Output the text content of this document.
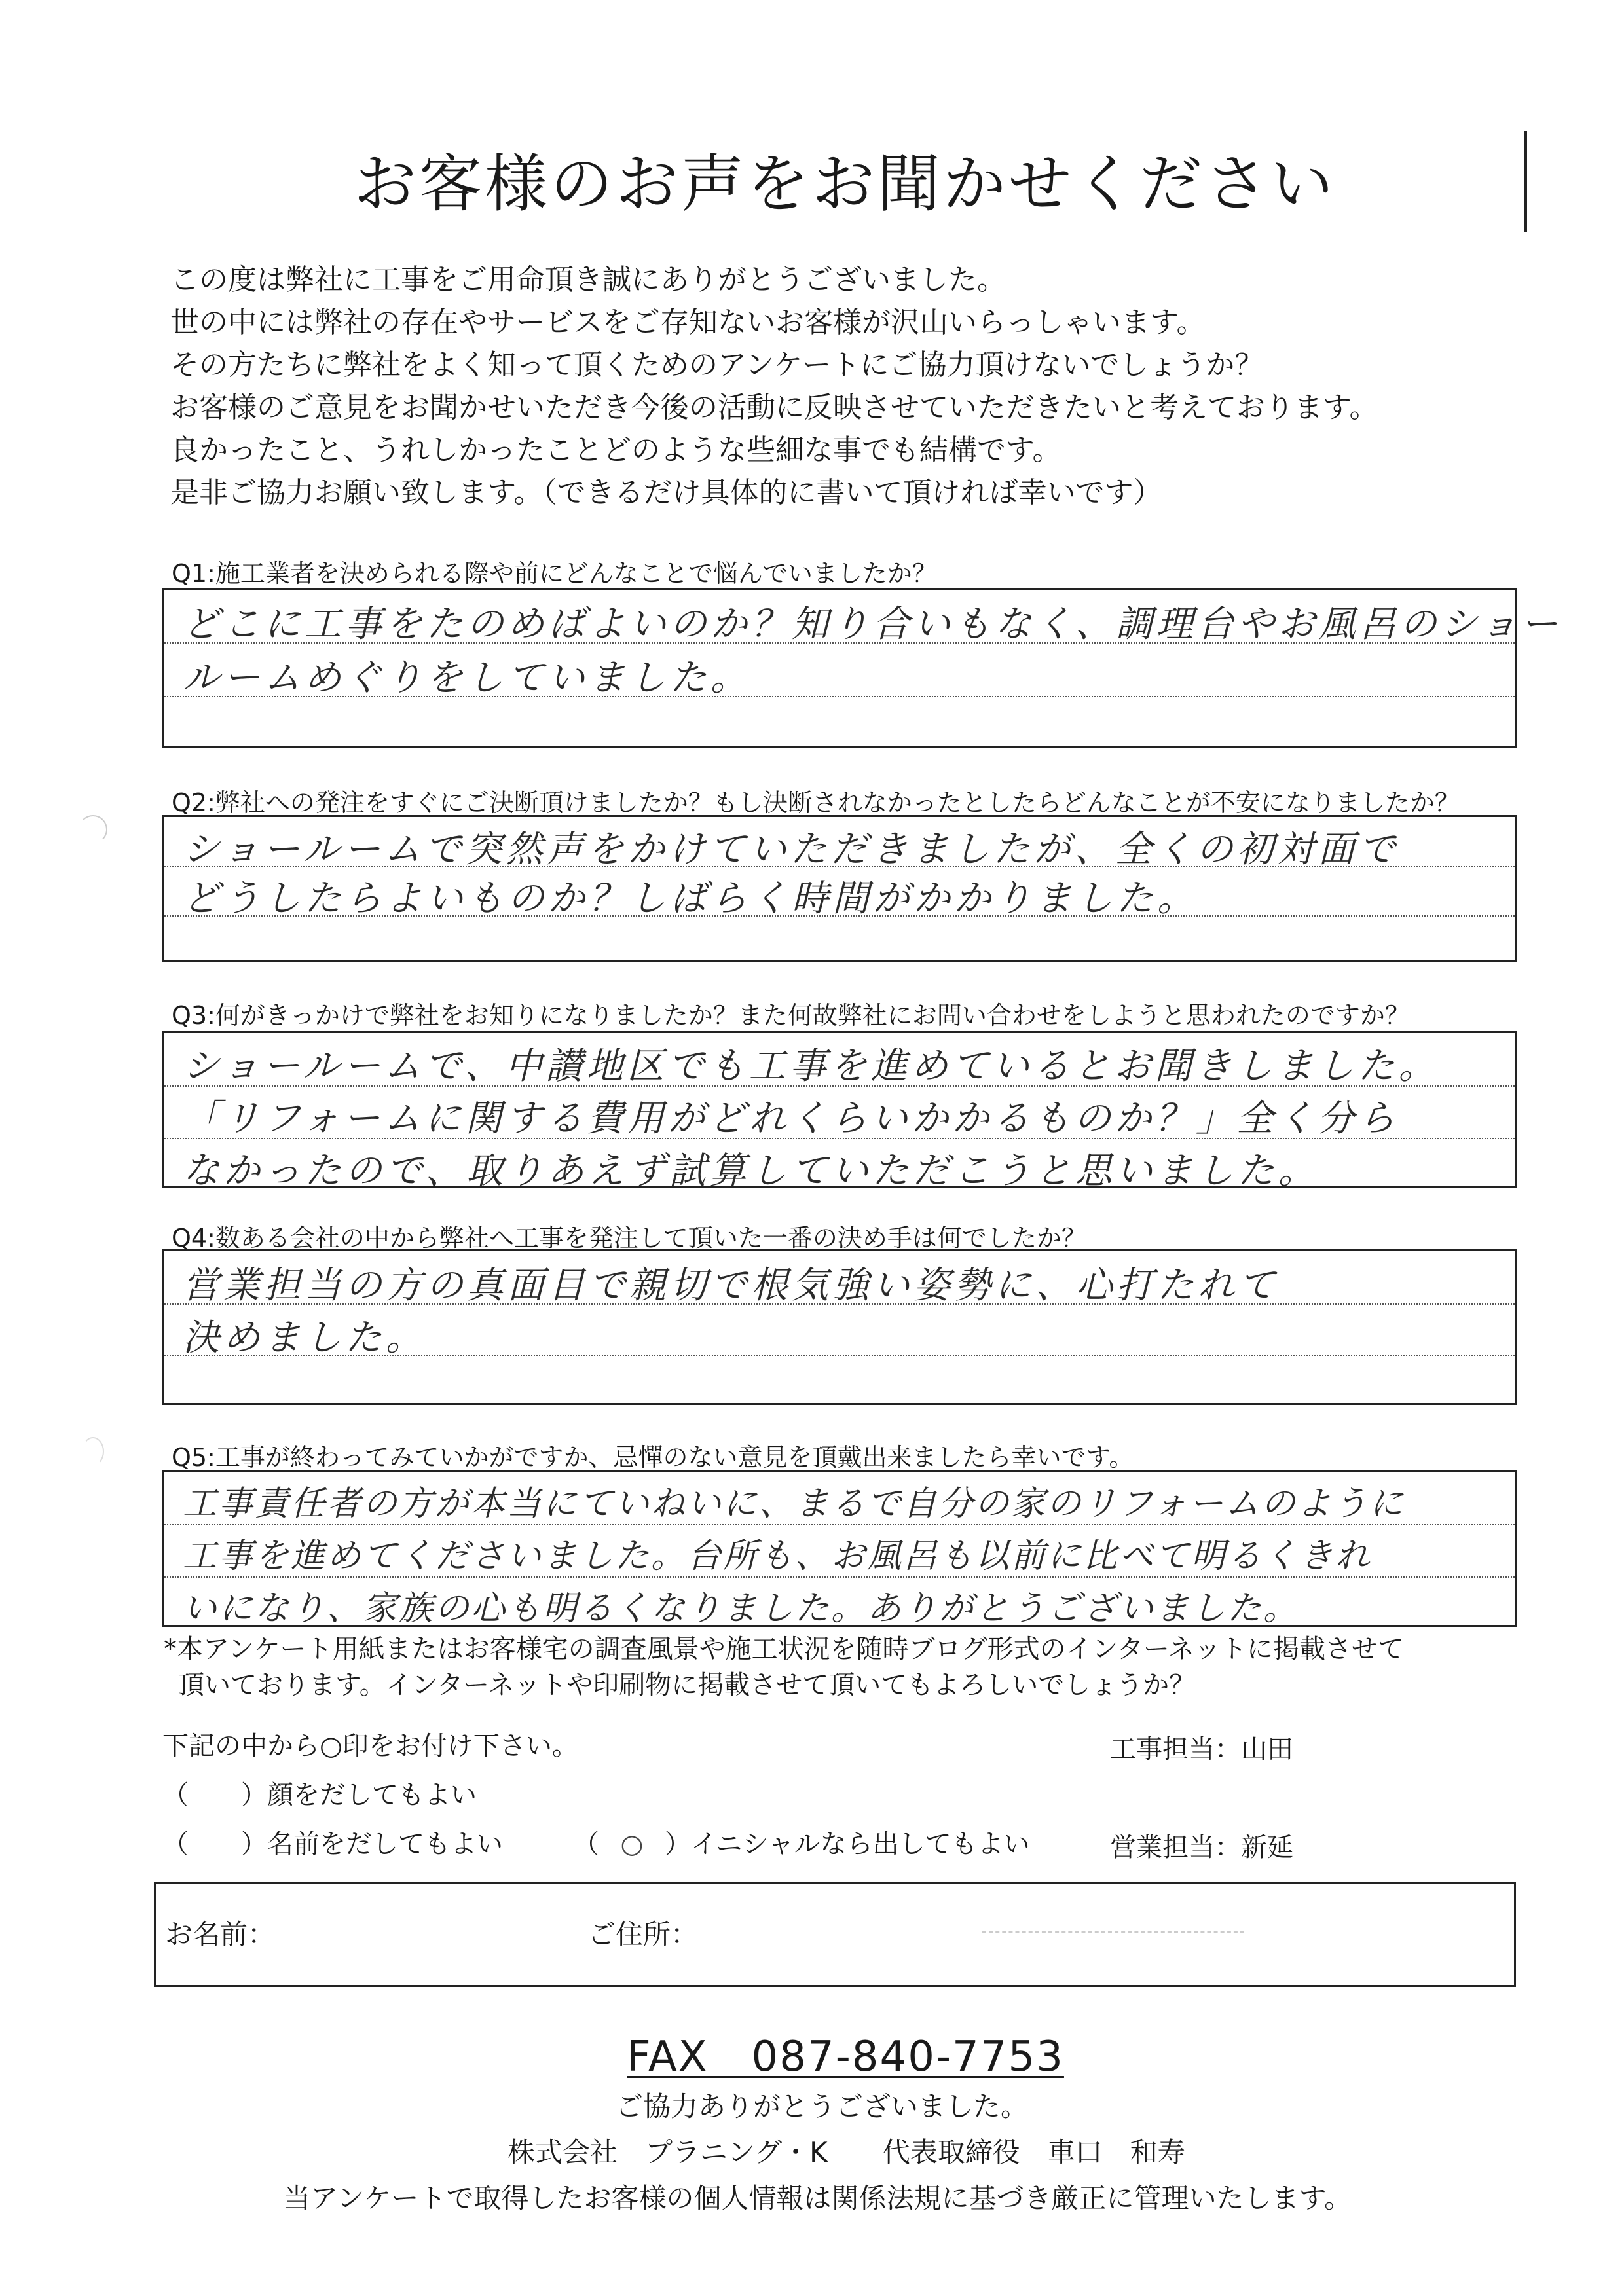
お客様のお声をお聞かせください
この度は弊社に工事をご用命頂き誠にありがとうございました。
世の中には弊社の存在やサービスをご存知ないお客様が沢山いらっしゃいます。
その方たちに弊社をよく知って頂くためのアンケートにご協力頂けないでしょうか？
お客様のご意見をお聞かせいただき今後の活動に反映させていただきたいと考えております。
良かったこと、うれしかったことどのような些細な事でも結構です。
是非ご協力お願い致します。（できるだけ具体的に書いて頂ければ幸いです）
Q1:施工業者を決められる際や前にどんなことで悩んでいましたか？
どこに工事をたのめばよいのか？知り合いもなく、調理台やお風呂のショー
ルームめぐりをしていました。
Q2:弊社への発注をすぐにご決断頂けましたか？もし決断されなかったとしたらどんなことが不安になりましたか？
ショールームで突然声をかけていただきましたが、全くの初対面で
どうしたらよいものか？しばらく時間がかかりました。
Q3:何がきっかけで弊社をお知りになりましたか？また何故弊社にお問い合わせをしようと思われたのですか？
ショールームで、中讃地区でも工事を進めているとお聞きしました。
「リフォームに関する費用がどれくらいかかるものか？」全く分ら
なかったので、取りあえず試算していただこうと思いました。
Q4:数ある会社の中から弊社へ工事を発注して頂いた一番の決め手は何でしたか？
営業担当の方の真面目で親切で根気強い姿勢に、心打たれて
決めました。
Q5:工事が終わってみていかがですか、忌憚のない意見を頂戴出来ましたら幸いです。
工事責任者の方が本当にていねいに、まるで自分の家のリフォームのように
工事を進めてくださいました。台所も、お風呂も以前に比べて明るくきれ
いになり、家族の心も明るくなりました。ありがとうございました。
*本アンケート用紙またはお客様宅の調査風景や施工状況を随時ブログ形式のインターネットに掲載させて
頂いております。インターネットや印刷物に掲載させて頂いてもよろしいでしょうか？
下記の中から○印をお付け下さい。
（　　）顔をだしてもよい
（　　）名前をだしてもよい	（ ○ ）イニシャルなら出してもよい
工事担当：山田
営業担当：新延
お名前：	ご住所：
FAX　087-840-7753
ご協力ありがとうございました。
株式会社　プラニング・K　　代表取締役　車口　和寿
当アンケートで取得したお客様の個人情報は関係法規に基づき厳正に管理いたします。
